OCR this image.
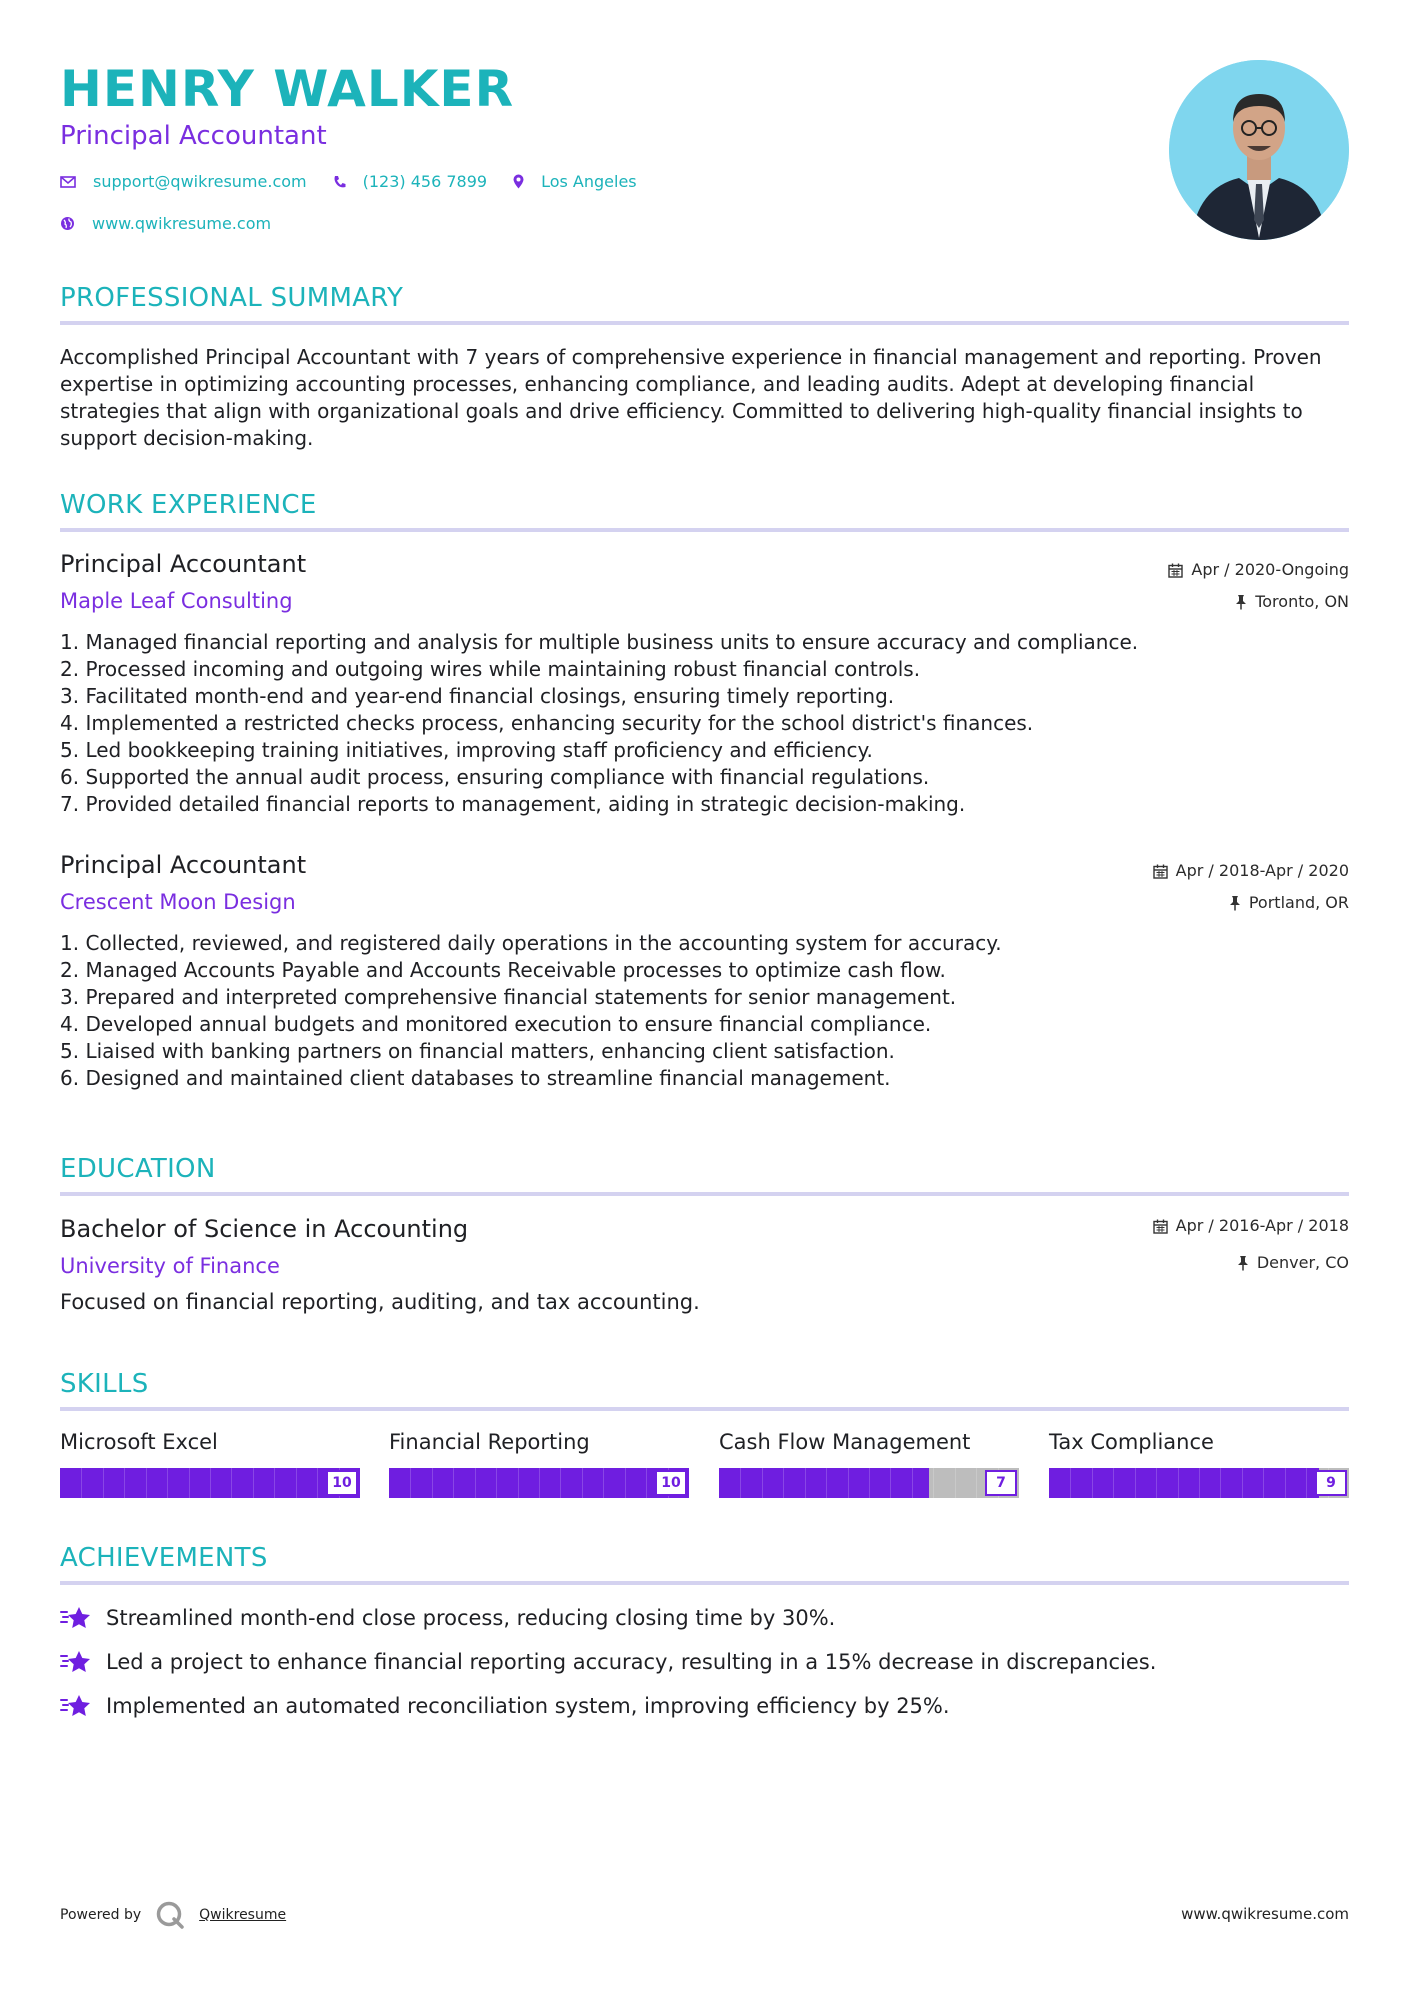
HENRY WALKER
Principal Accountant
support@qwikresume.com	(123) 456 7899	Los Angeles
www.qwikresume.com
PROFESSIONAL SUMMARY
Accomplished Principal Accountant with 7 years of comprehensive experience in financial management and reporting. Proven expertise in optimizing accounting processes, enhancing compliance, and leading audits. Adept at developing financial strategies that align with organizational goals and drive efficiency. Committed to delivering high-quality financial insights to support decision-making.
WORK EXPERIENCE
Principal Accountant
Maple Leaf Consulting
Apr / 2020-Ongoing
Toronto, ON
1. Managed financial reporting and analysis for multiple business units to ensure accuracy and compliance.
2. Processed incoming and outgoing wires while maintaining robust financial controls.
3. Facilitated month-end and year-end financial closings, ensuring timely reporting.
4. Implemented a restricted checks process, enhancing security for the school district's finances.
5. Led bookkeeping training initiatives, improving staff proficiency and efficiency.
6. Supported the annual audit process, ensuring compliance with financial regulations.
7. Provided detailed financial reports to management, aiding in strategic decision-making.
Principal Accountant
Crescent Moon Design
Apr / 2018-Apr / 2020
Portland, OR
1. Collected, reviewed, and registered daily operations in the accounting system for accuracy.
2. Managed Accounts Payable and Accounts Receivable processes to optimize cash flow.
3. Prepared and interpreted comprehensive financial statements for senior management.
4. Developed annual budgets and monitored execution to ensure financial compliance.
5. Liaised with banking partners on financial matters, enhancing client satisfaction.
6. Designed and maintained client databases to streamline financial management.
EDUCATION
Bachelor of Science in Accounting
University of Finance
Apr / 2016-Apr / 2018
Denver, CO
Focused on financial reporting, auditing, and tax accounting.
SKILLS
Microsoft Excel
10
Financial Reporting
10
Cash Flow Management
7
Tax Compliance
9
ACHIEVEMENTS
Streamlined month-end close process, reducing closing time by 30%.
Led a project to enhance financial reporting accuracy, resulting in a 15% decrease in discrepancies.
Implemented an automated reconciliation system, improving efficiency by 25%.
Powered by	Qwikresume	www.qwikresume.com
